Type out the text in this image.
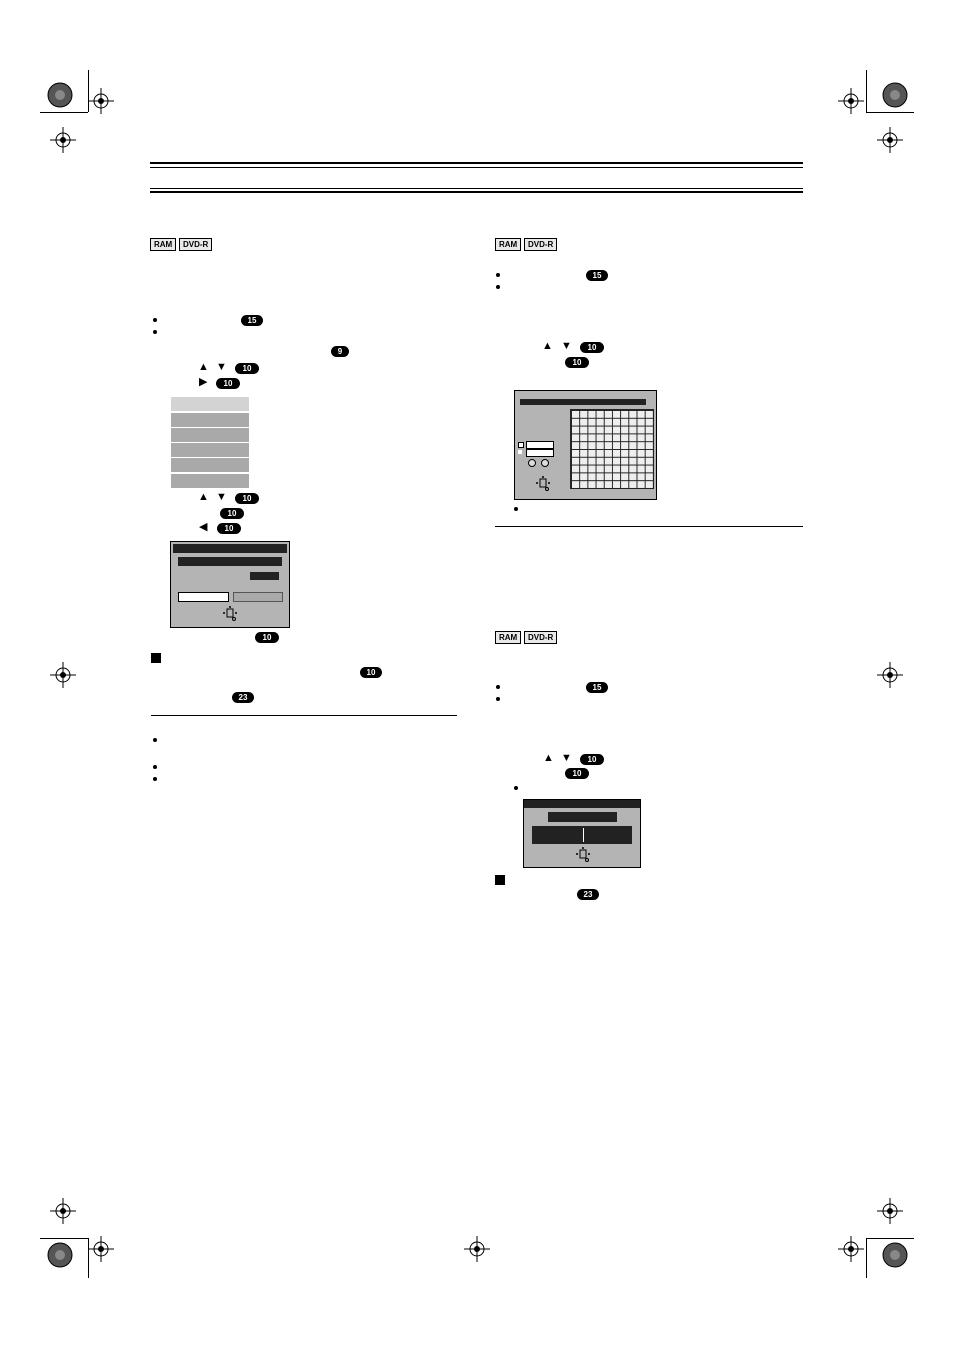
RAM	DVD-R
15
9
▲ ▼	10
▶	10
▲ ▼	10
10
◀	10
10
10
23
RAM	DVD-R
15
▲ ▼	10
10
RAM	DVD-R
15
▲ ▼	10
10
23
